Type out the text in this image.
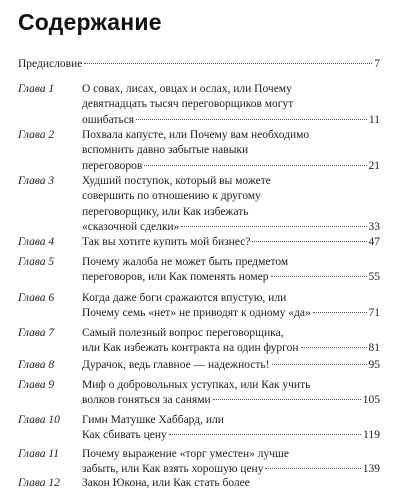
Содержание
Предисловие	7
Глава 1 О совах, лисах, овцах и ослах, или Почему
девятнадцать тысяч переговорщиков могут
ошибаться	11
Глава 2 Похвала капусте, или Почему вам необходимо
вспомнить давно забытые навыки
переговоров	21
Глава 3 Худший поступок, который вы можете
совершить по отношению к другому
переговорщику, или Как избежать
«сказочной сделки»	33
Глава 4 Так вы хотите купить мой бизнес?	47
Глава 5 Почему жалоба не может быть предметом
переговоров, или Как поменять номер	55
Глава 6 Когда даже боги сражаются впустую, или
Почему семь «нет» не приводят к одному «да»	71
Глава 7 Самый полезный вопрос переговорщика,
или Как избежать контракта на один фургон	81
Глава 8 Дурачок, ведь главное — надежность!	95
Глава 9 Миф о добровольных уступках, или Как учить
волков гоняться за санями	105
Глава 10 Гимн Матушке Хаббард, или
Как сбивать цену	119
Глава 11 Почему выражение «торг уместен» лучше
забыть, или Как взять хорошую цену	139
Глава 12 Закон Юкона, или Как стать более
